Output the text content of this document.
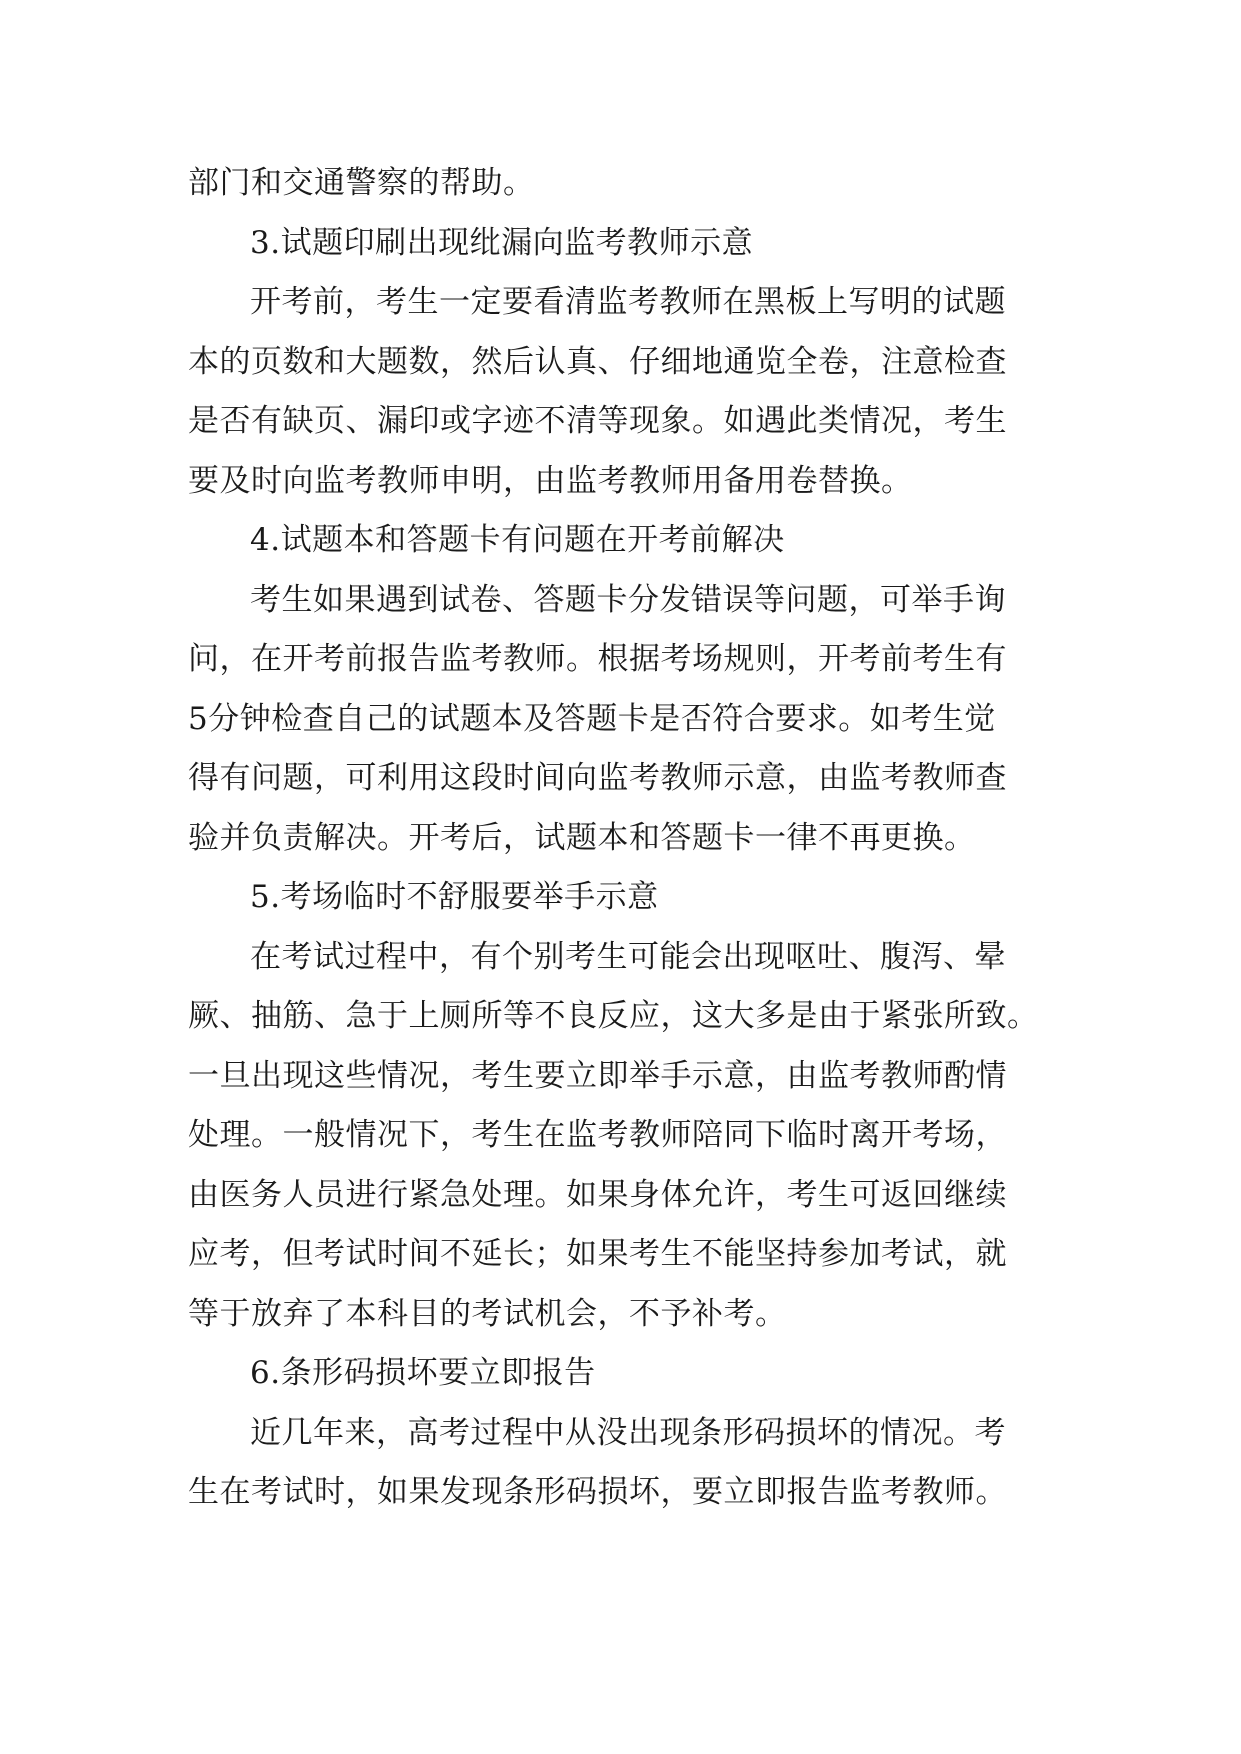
部门和交通警察的帮助。
3.试题印刷出现纰漏向监考教师示意
开考前，考生一定要看清监考教师在黑板上写明的试题
本的页数和大题数，然后认真、仔细地通览全卷，注意检查
是否有缺页、漏印或字迹不清等现象。如遇此类情况，考生
要及时向监考教师申明，由监考教师用备用卷替换。
4.试题本和答题卡有问题在开考前解决
考生如果遇到试卷、答题卡分发错误等问题，可举手询
问，在开考前报告监考教师。根据考场规则，开考前考生有
5分钟检查自己的试题本及答题卡是否符合要求。如考生觉
得有问题，可利用这段时间向监考教师示意，由监考教师查
验并负责解决。开考后，试题本和答题卡一律不再更换。
5.考场临时不舒服要举手示意
在考试过程中，有个别考生可能会出现呕吐、腹泻、晕
厥、抽筋、急于上厕所等不良反应，这大多是由于紧张所致。
一旦出现这些情况，考生要立即举手示意，由监考教师酌情
处理。一般情况下，考生在监考教师陪同下临时离开考场，
由医务人员进行紧急处理。如果身体允许，考生可返回继续
应考，但考试时间不延长；如果考生不能坚持参加考试，就
等于放弃了本科目的考试机会，不予补考。
6.条形码损坏要立即报告
近几年来，高考过程中从没出现条形码损坏的情况。考
生在考试时，如果发现条形码损坏，要立即报告监考教师。
